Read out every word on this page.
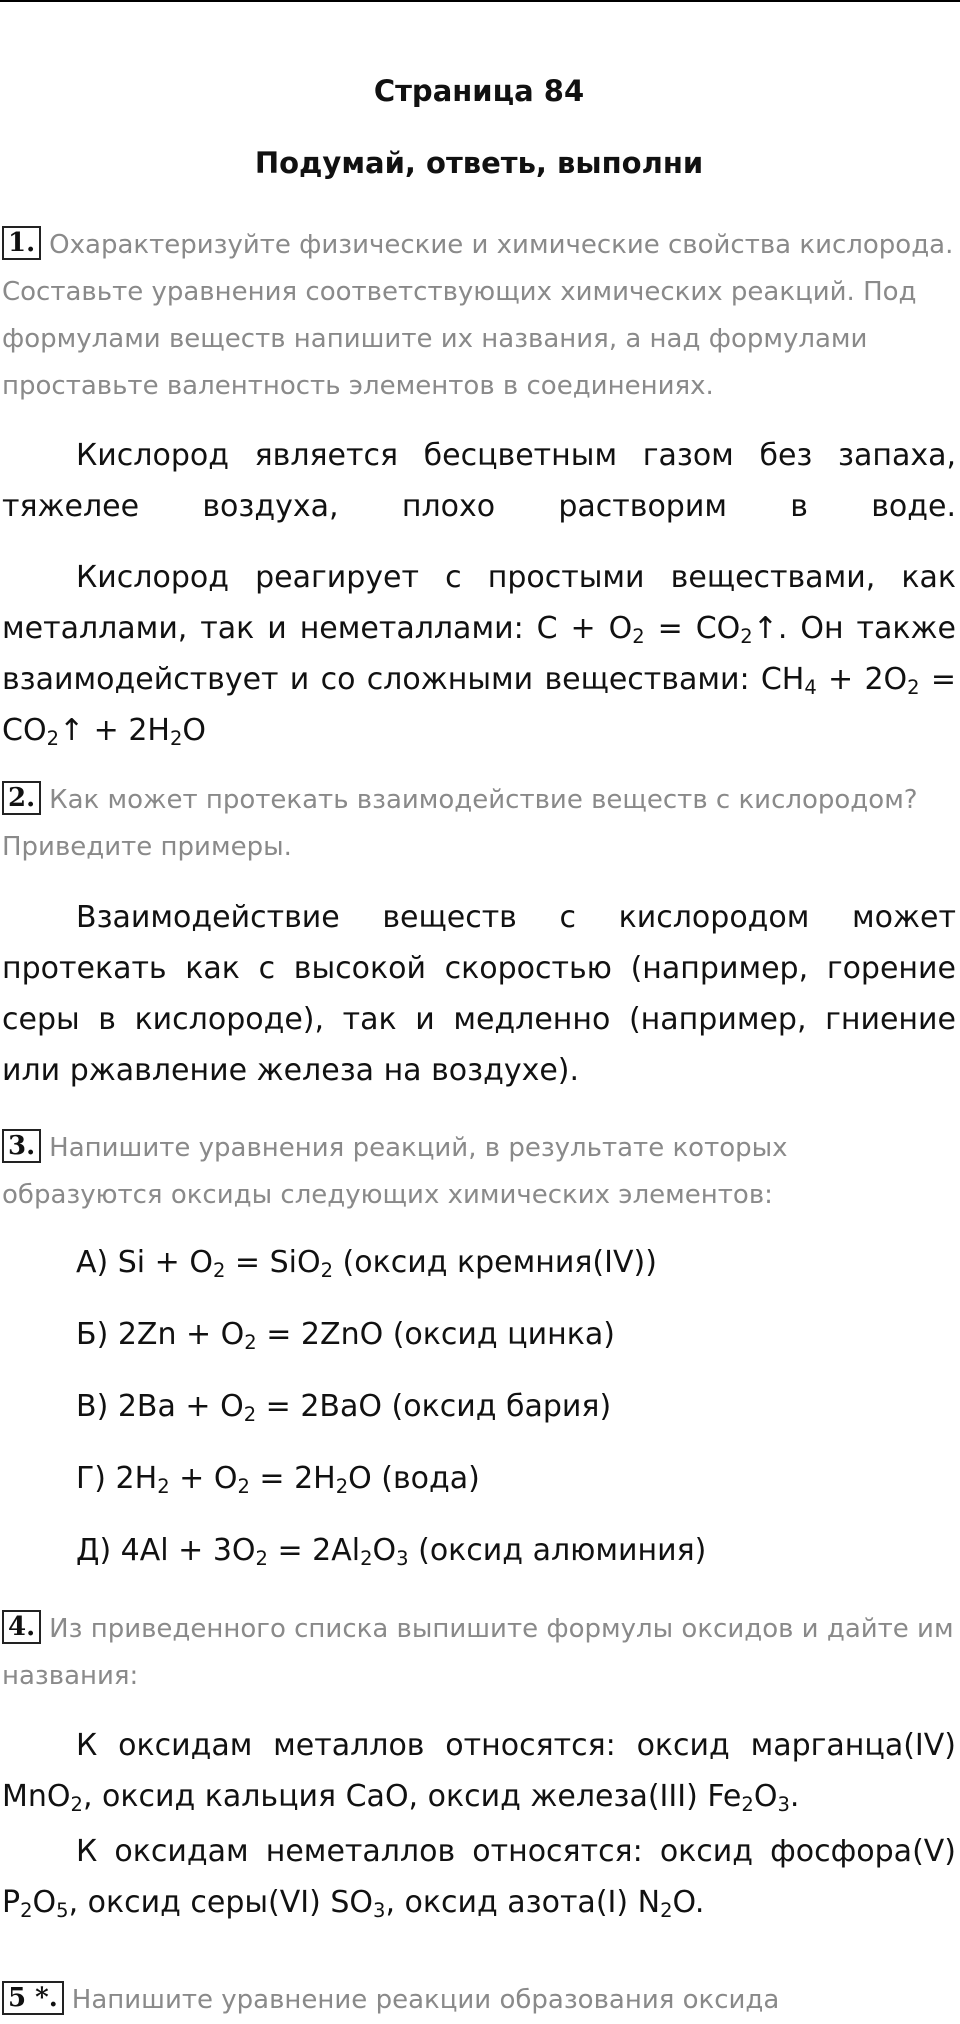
Страница 84
Подумай, ответь, выполни
1. Охарактеризуйте физические и химические свойства кислорода. Составьте уравнения соответствующих химических реакций. Под формулами веществ напишите их названия, а над формулами проставьте валентность элементов в соединениях.
Кислород является бесцветным газом без запаха, тяжелее воздуха, плохо растворим в воде.
Кислород реагирует с простыми веществами, как металлами, так и неметаллами: $С + О_2$ = $СО_2↑$. Он также взаимодействует и со сложными веществами: $CH_4 + 2O_2$ = $CO_2↑ + 2H_2O$
2. Как может протекать взаимодействие веществ с кислородом? Приведите примеры.
Взаимодействие веществ с кислородом может протекать как с высокой скоростью (например, горение серы в кислороде), так и медленно (например, гниение или ржавление железа на воздухе).
3. Напишите уравнения реакций, в результате которых образуются оксиды следующих химических элементов:
А) $Si + O_2 = SiO_2$ (оксид кремния(IV))
Б) $2Zn + O_2 = 2ZnO$ (оксид цинка)
В) $2Ba + O_2 = 2BaO$ (оксид бария)
Г) $2H_2 + O_2 = 2H_2O$ (вода)
Д) $4Al + 3O_2 = 2Al_2O_3$ (оксид алюминия)
4. Из приведенного списка выпишите формулы оксидов и дайте им названия:
К оксидам металлов относятся: оксид марганца(IV) MnO$_2$, оксид кальция CaO, оксид железа(III) $Fe_2O_3$.
К оксидам неметаллов относятся: оксид фосфора(V) $P_2O_5$, оксид серы(VI) $SO_3$, оксид азота(I) $N_2O$.
5 *. Напишите уравнение реакции образования оксида
